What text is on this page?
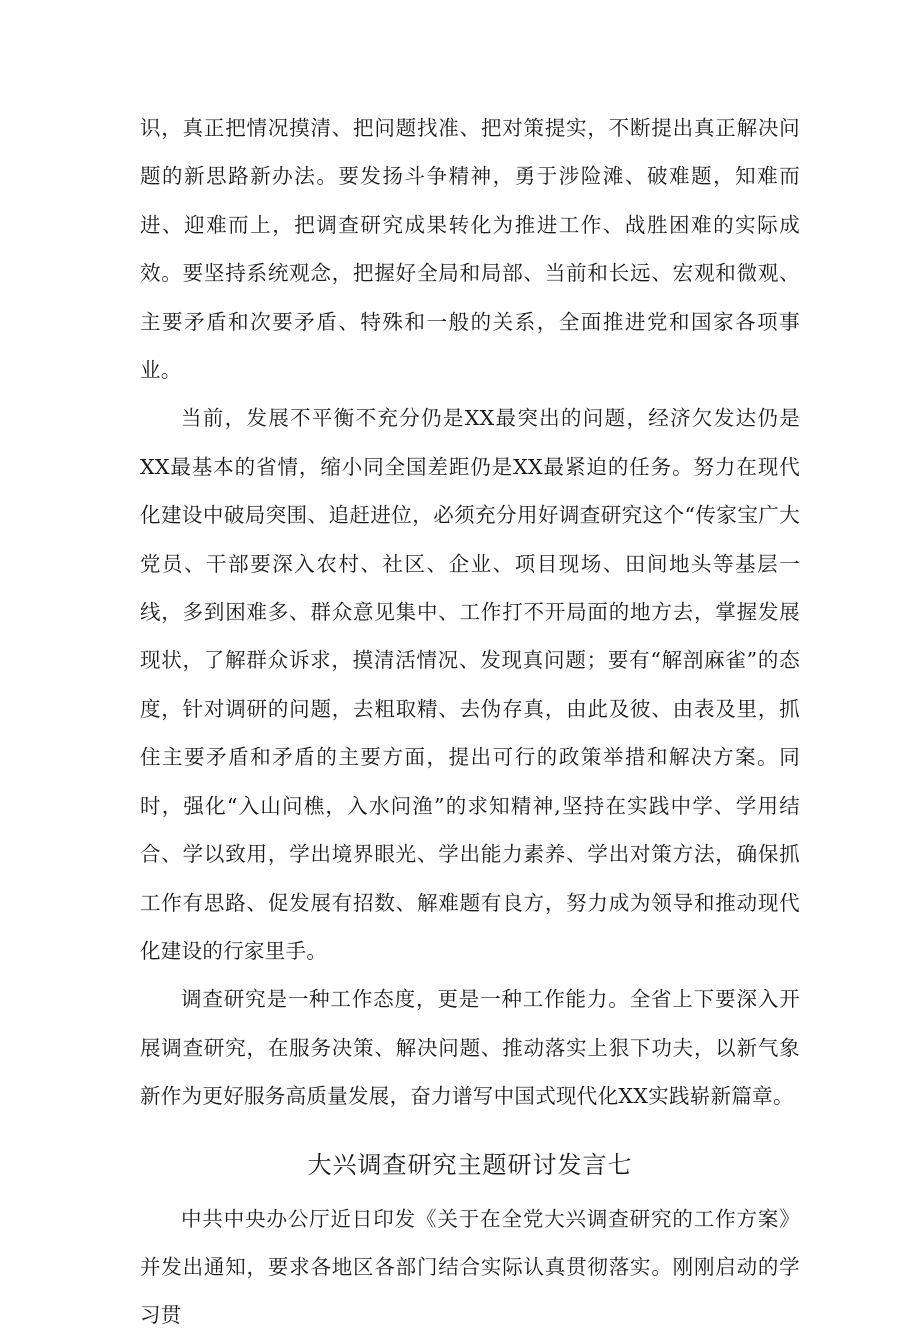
识，真正把情况摸清、把问题找准、把对策提实，不断提出真正解决问题的新思路新办法。要发扬斗争精神，勇于涉险滩、破难题，知难而进、迎难而上，把调查研究成果转化为推进工作、战胜困难的实际成效。要坚持系统观念，把握好全局和局部、当前和长远、宏观和微观、主要矛盾和次要矛盾、特殊和一般的关系，全面推进党和国家各项事业。

当前，发展不平衡不充分仍是XX最突出的问题，经济欠发达仍是XX最基本的省情，缩小同全国差距仍是XX最紧迫的任务。努力在现代化建设中破局突围、追赶进位，必须充分用好调查研究这个“传家宝广大党员、干部要深入农村、社区、企业、项目现场、田间地头等基层一线，多到困难多、群众意见集中、工作打不开局面的地方去，掌握发展现状，了解群众诉求，摸清活情况、发现真问题；要有“解剖麻雀”的态度，针对调研的问题，去粗取精、去伪存真，由此及彼、由表及里，抓住主要矛盾和矛盾的主要方面，提出可行的政策举措和解决方案。同时，强化“入山问樵，入水问渔”的求知精神,坚持在实践中学、学用结合、学以致用，学出境界眼光、学出能力素养、学出对策方法，确保抓工作有思路、促发展有招数、解难题有良方，努力成为领导和推动现代化建设的行家里手。

调查研究是一种工作态度，更是一种工作能力。全省上下要深入开展调查研究，在服务决策、解决问题、推动落实上狠下功夫，以新气象新作为更好服务高质量发展，奋力谱写中国式现代化XX实践崭新篇章。

大兴调查研究主题研讨发言七

中共中央办公厅近日印发《关于在全党大兴调查研究的工作方案》并发出通知，要求各地区各部门结合实际认真贯彻落实。刚刚启动的学习贯
